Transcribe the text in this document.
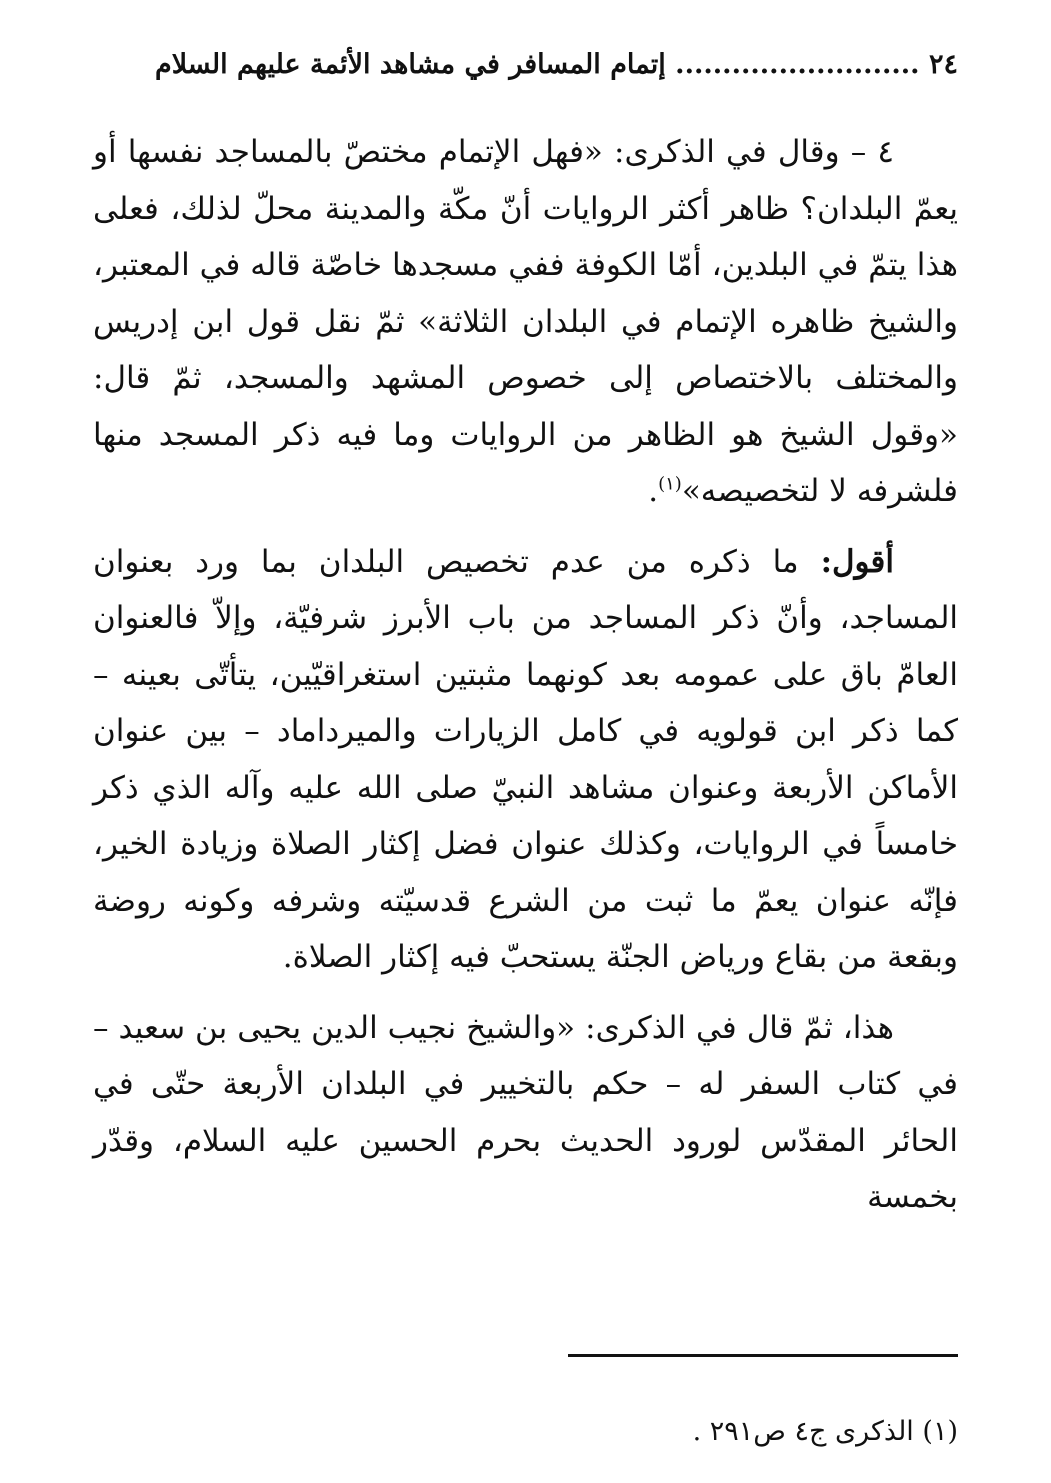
٢٤ .......................... إتمام المسافر في مشاهد الأئمة عليهم السلام

٤ – وقال في الذكرى: «فهل الإتمام مختصّ بالمساجد نفسها أو يعمّ البلدان؟ ظاهر أكثر الروايات أنّ مكّة والمدينة محلّ لذلك، فعلى هذا يتمّ في البلدين، أمّا الكوفة ففي مسجدها خاصّة قاله في المعتبر، والشيخ ظاهره الإتمام في البلدان الثلاثة» ثمّ نقل قول ابن إدريس والمختلف بالاختصاص إلى خصوص المشهد والمسجد، ثمّ قال: «وقول الشيخ هو الظاهر من الروايات وما فيه ذكر المسجد منها فلشرفه لا لتخصيصه»$^{(١)}$.

أقول: ما ذكره من عدم تخصيص البلدان بما ورد بعنوان المساجد، وأنّ ذكر المساجد من باب الأبرز شرفيّة، وإلاّ فالعنوان العامّ باق على عمومه بعد كونهما مثبتين استغراقيّين، يتأتّى بعينه – كما ذكر ابن قولويه في كامل الزيارات والميرداماد – بين عنوان الأماكن الأربعة وعنوان مشاهد النبيّ صلى الله عليه وآله الذي ذكر خامساً في الروايات، وكذلك عنوان فضل إكثار الصلاة وزيادة الخير، فإنّه عنوان يعمّ ما ثبت من الشرع قدسيّته وشرفه وكونه روضة وبقعة من بقاع ورياض الجنّة يستحبّ فيه إكثار الصلاة.

هذا، ثمّ قال في الذكرى: «والشيخ نجيب الدين يحيى بن سعيد – في كتاب السفر له – حكم بالتخيير في البلدان الأربعة حتّى في الحائر المقدّس لورود الحديث بحرم الحسين عليه السلام، وقدّر بخمسة

(١) الذكرى ج٤ ص٢٩١ .
